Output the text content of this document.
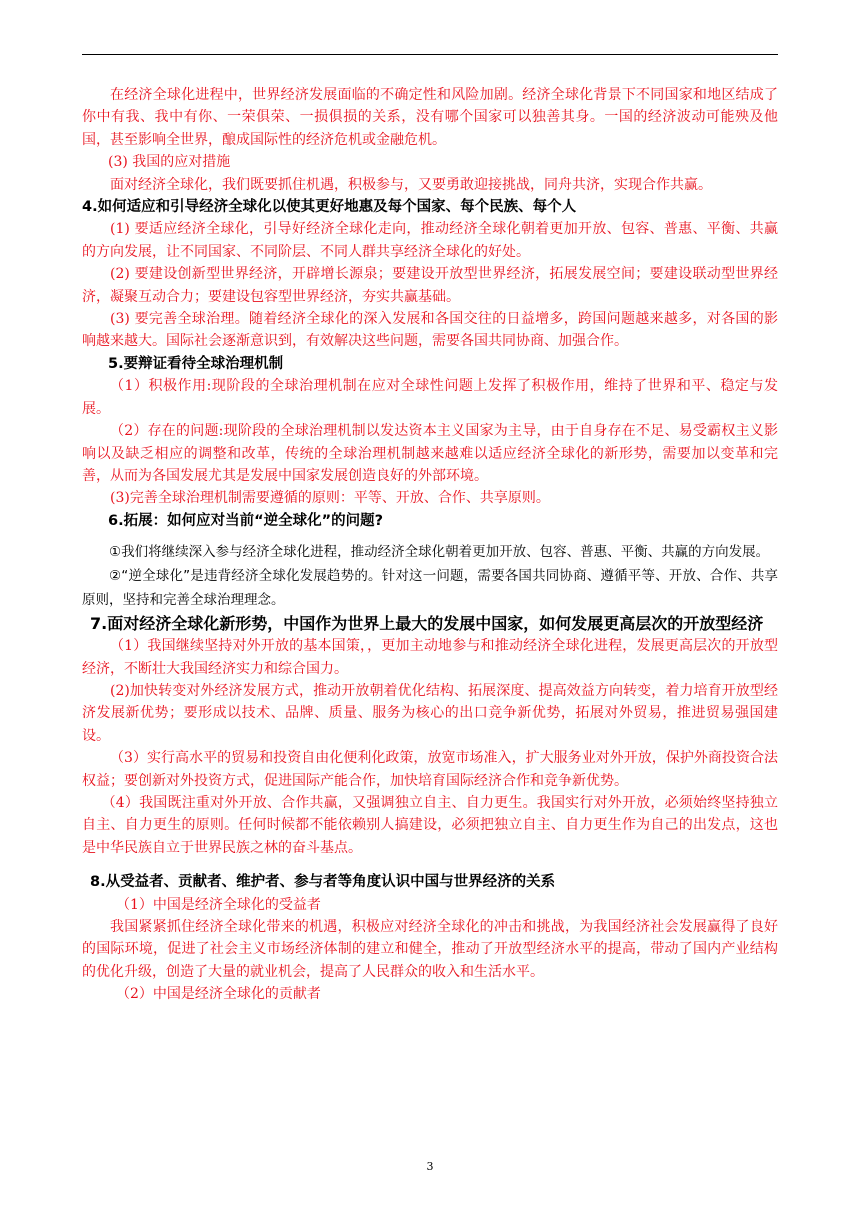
在经济全球化进程中，世界经济发展面临的不确定性和风险加剧。经济全球化背景下不同国家和地区结成了你中有我、我中有你、一荣俱荣、一损俱损的关系，没有哪个国家可以独善其身。一国的经济波动可能殃及他国，甚至影响全世界，酿成国际性的经济危机或金融危机。

(3) 我国的应对措施

面对经济全球化，我们既要抓住机遇，积极参与，又要勇敢迎接挑战，同舟共济，实现合作共赢。

4.如何适应和引导经济全球化以使其更好地惠及每个国家、每个民族、每个人

(1) 要适应经济全球化，引导好经济全球化走向，推动经济全球化朝着更加开放、包容、普惠、平衡、共赢的方向发展，让不同国家、不同阶层、不同人群共享经济全球化的好处。

(2) 要建设创新型世界经济，开辟增长源泉；要建设开放型世界经济，拓展发展空间；要建设联动型世界经济，凝聚互动合力；要建设包容型世界经济，夯实共赢基础。

(3) 要完善全球治理。随着经济全球化的深入发展和各国交往的日益增多，跨国问题越来越多，对各国的影响越来越大。国际社会逐渐意识到，有效解决这些问题，需要各国共同协商、加强合作。

5.要辩证看待全球治理机制

（1）积极作用:现阶段的全球治理机制在应对全球性问题上发挥了积极作用，维持了世界和平、稳定与发展。

（2）存在的问题:现阶段的全球治理机制以发达资本主义国家为主导，由于自身存在不足、易受霸权主义影响以及缺乏相应的调整和改革，传统的全球治理机制越来越难以适应经济全球化的新形势，需要加以变革和完善，从而为各国发展尤其是发展中国家发展创造良好的外部环境。

(3)完善全球治理机制需要遵循的原则：平等、开放、合作、共享原则。

6.拓展：如何应对当前“逆全球化”的问题?

①我们将继续深入参与经济全球化进程，推动经济全球化朝着更加开放、包容、普惠、平衡、共赢的方向发展。

②“逆全球化”是违背经济全球化发展趋势的。针对这一问题，需要各国共同协商、遵循平等、开放、合作、共享原则，坚持和完善全球治理理念。

7.面对经济全球化新形势，中国作为世界上最大的发展中国家，如何发展更高层次的开放型经济

（1）我国继续坚持对外开放的基本国策，，更加主动地参与和推动经济全球化进程，发展更高层次的开放型经济，不断壮大我国经济实力和综合国力。

(2)加快转变对外经济发展方式，推动开放朝着优化结构、拓展深度、提高效益方向转变，着力培育开放型经济发展新优势；要形成以技术、品牌、质量、服务为核心的出口竞争新优势，拓展对外贸易，推进贸易强国建设。

（3）实行高水平的贸易和投资自由化便利化政策，放宽市场准入，扩大服务业对外开放，保护外商投资合法权益；要创新对外投资方式，促进国际产能合作，加快培育国际经济合作和竞争新优势。

（4）我国既注重对外开放、合作共赢，又强调独立自主、自力更生。我国实行对外开放，必须始终坚持独立自主、自力更生的原则。任何时候都不能依赖别人搞建设，必须把独立自主、自力更生作为自己的出发点，这也是中华民族自立于世界民族之林的奋斗基点。

8.从受益者、贡献者、维护者、参与者等角度认识中国与世界经济的关系

（1）中国是经济全球化的受益者

我国紧紧抓住经济全球化带来的机遇，积极应对经济全球化的冲击和挑战，为我国经济社会发展赢得了良好的国际环境，促进了社会主义市场经济体制的建立和健全，推动了开放型经济水平的提高，带动了国内产业结构的优化升级，创造了大量的就业机会，提高了人民群众的收入和生活水平。

（2）中国是经济全球化的贡献者

3
